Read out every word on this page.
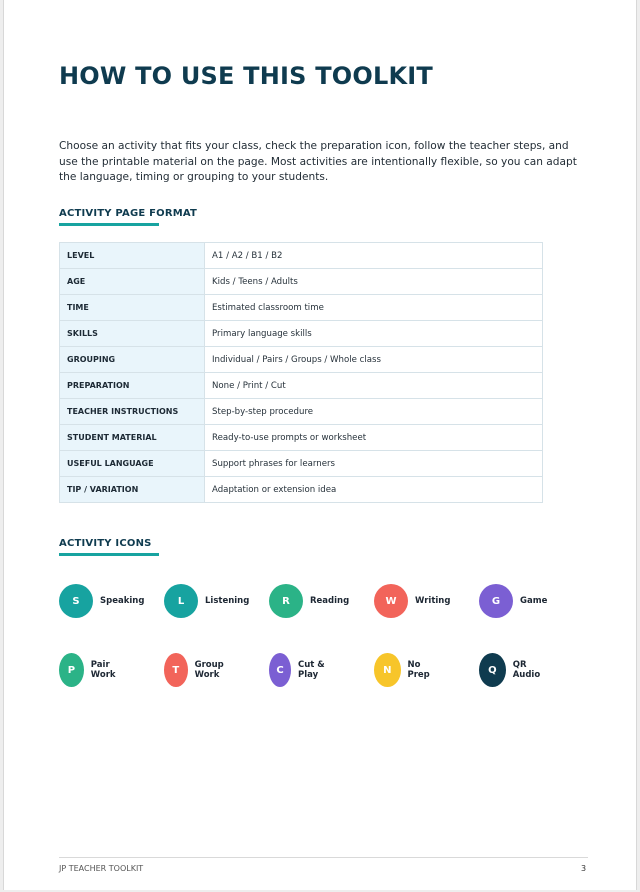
HOW TO USE THIS TOOLKIT

Choose an activity that fits your class, check the preparation icon, follow the teacher steps, and use the printable material on the page. Most activities are intentionally flexible, so you can adapt the language, timing or grouping to your students.

ACTIVITY PAGE FORMAT
LEVEL	A1 / A2 / B1 / B2
AGE	Kids / Teens / Adults
TIME	Estimated classroom time
SKILLS	Primary language skills
GROUPING	Individual / Pairs / Groups / Whole class
PREPARATION	None / Print / Cut
TEACHER INSTRUCTIONS	Step-by-step procedure
STUDENT MATERIAL	Ready-to-use prompts or worksheet
USEFUL LANGUAGE	Support phrases for learners
TIP / VARIATION	Adaptation or extension idea
ACTIVITY ICONS
S	Speaking	L	Listening	R	Reading	W	Writing	G	Game
P	Pair Work	T	Group Work	C	Cut & Play	N	No Prep	Q	QR Audio
JP TEACHER TOOLKIT	3
